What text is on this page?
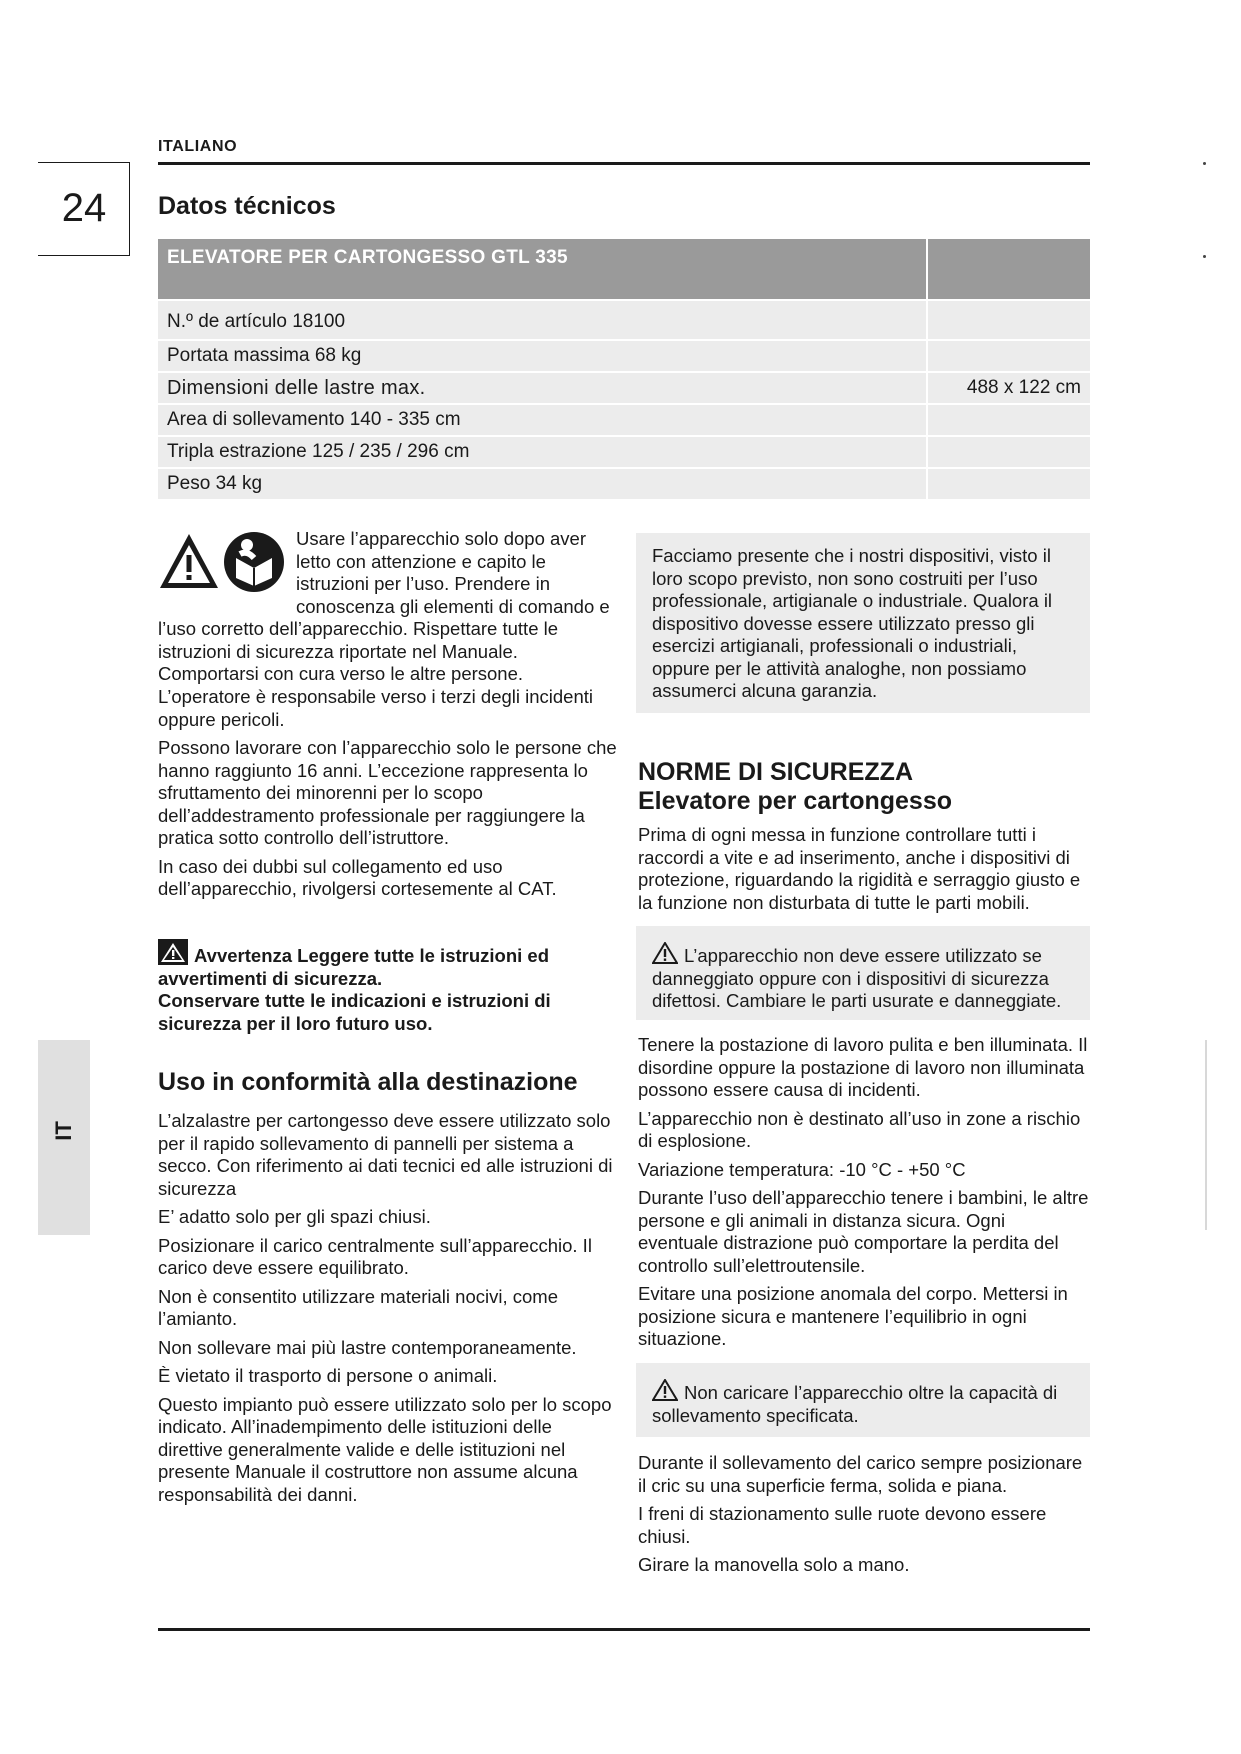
ITALIANO
24	Datos técnicos
ELEVATORE PER CARTONGESSO GTL 335	
N.º de artículo 18100	
Portata massima 68 kg	
Dimensioni delle lastre max.	488 x 122 cm
Area di sollevamento 140 - 335 cm	
Tripla estrazione 125 / 235 / 296 cm	
Peso 34 kg	
Usare l’apparecchio solo dopo aver letto con attenzione e capito le istruzioni per l’uso. Prendere in conoscenza gli elementi di comando e l’uso corretto dell’apparecchio. Rispettare tutte le istruzioni di sicurezza riportate nel Manuale. Comportarsi con cura verso le altre persone.

L’operatore è responsabile verso i terzi degli incidenti oppure pericoli.

Possono lavorare con l’apparecchio solo le persone che hanno raggiunto 16 anni. L’eccezione rappresenta lo sfruttamento dei minorenni per lo scopo dell’addestramento professionale per raggiungere la pratica sotto controllo dell’istruttore.

In caso dei dubbi sul collegamento ed uso dell’apparecchio, rivolgersi cortesemente al CAT.

Avvertenza Leggere tutte le istruzioni ed avvertimenti di sicurezza.
Conservare tutte le indicazioni e istruzioni di sicurezza per il loro futuro uso.
Uso in conformità alla destinazione

L’alzalastre per cartongesso deve essere utilizzato solo per il rapido sollevamento di pannelli per sistema a secco. Con riferimento ai dati tecnici ed alle istruzioni di sicurezza

E’ adatto solo per gli spazi chiusi.

Posizionare il carico centralmente sull’apparecchio. Il carico deve essere equilibrato.

Non è consentito utilizzare materiali nocivi, come l’amianto.

Non sollevare mai più lastre contemporaneamente.

È vietato il trasporto di persone o animali.

Questo impianto può essere utilizzato solo per lo scopo indicato. All’inadempimento delle istituzioni delle direttive generalmente valide e delle istituzioni nel presente Manuale il costruttore non assume alcuna responsabilità dei danni.

Facciamo presente che i nostri dispositivi, visto il loro scopo previsto, non sono costruiti per l’uso professionale, artigianale o industriale. Qualora il dispositivo dovesse essere utilizzato presso gli esercizi artigianali, professionali o industriali, oppure per le attività analoghe, non possiamo assumerci alcuna garanzia.

NORME DI SICUREZZA
Elevatore per cartongesso

Prima di ogni messa in funzione controllare tutti i raccordi a vite e ad inserimento, anche i dispositivi di protezione, riguardando la rigidità e serraggio giusto e la funzione non disturbata di tutte le parti mobili.

L’apparecchio non deve essere utilizzato se danneggiato oppure con i dispositivi di sicurezza difettosi. Cambiare le parti usurate e danneggiate.

Tenere la postazione di lavoro pulita e ben illuminata. Il disordine oppure la postazione di lavoro non illuminata possono essere causa di incidenti.

L’apparecchio non è destinato all’uso in zone a rischio di esplosione.

Variazione temperatura: -10 °C - +50 °C

Durante l’uso dell’apparecchio tenere i bambini, le altre persone e gli animali in distanza sicura. Ogni eventuale distrazione può comportare la perdita del controllo sull’elettroutensile.

Evitare una posizione anomala del corpo. Mettersi in posizione sicura e mantenere l’equilibrio in ogni situazione.

Non caricare l’apparecchio oltre la capacità di sollevamento specificata.

Durante il sollevamento del carico sempre posizionare il cric su una superficie ferma, solida e piana.

I freni di stazionamento sulle ruote devono essere chiusi.

Girare la manovella solo a mano.

IT
